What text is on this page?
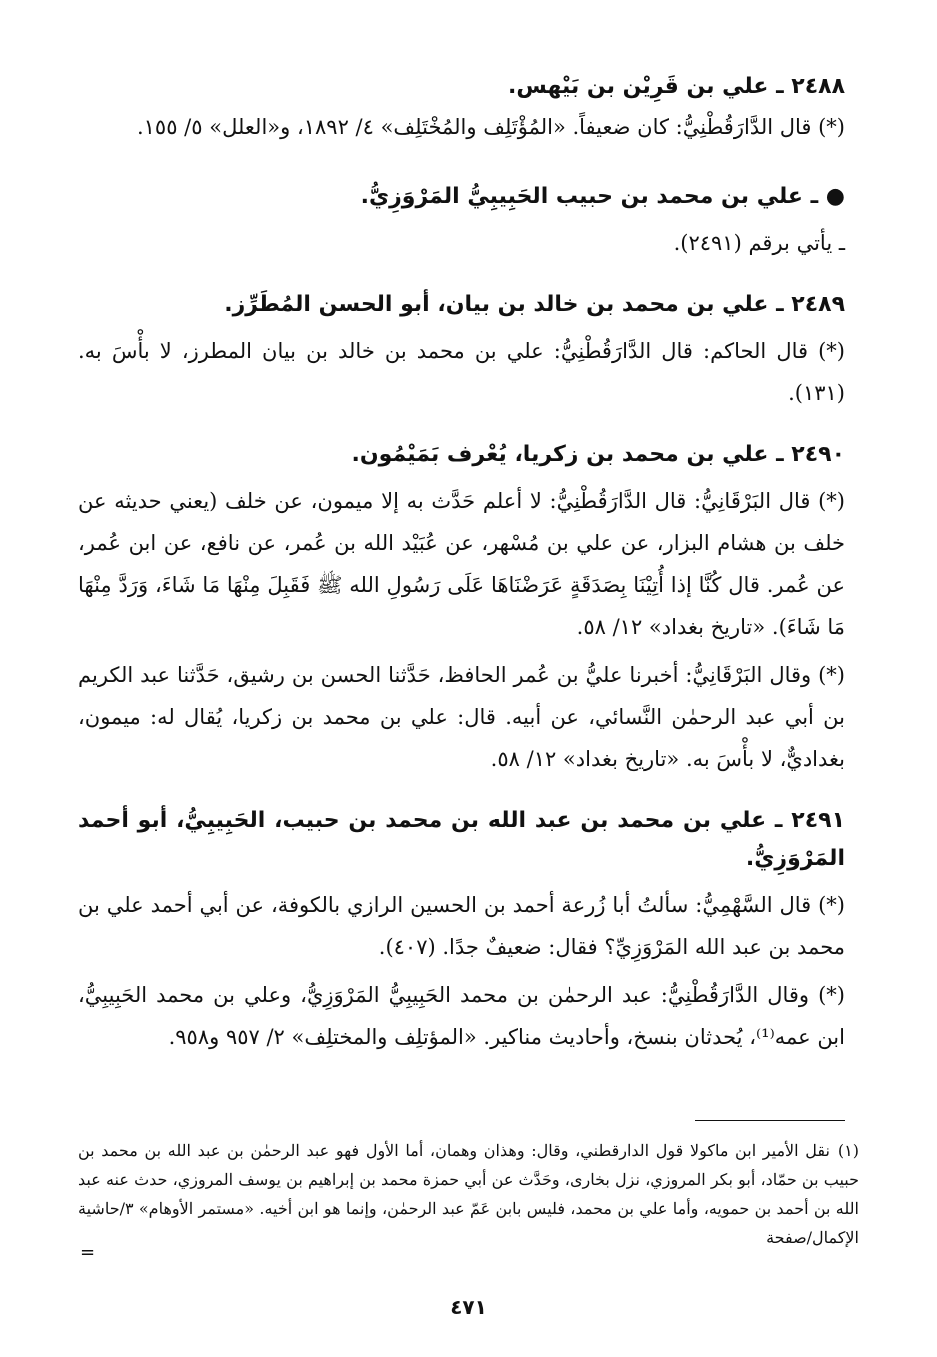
٢٤٨٨ ـ علي بن قَرِيْن بن بَيْهس.

(*) قال الدَّارَقُطْنِيُّ: كان ضعيفاً. «المُؤْتَلِف والمُخْتَلِف» ٤/ ١٨٩٢، و«العلل» ٥/ ١٥٥.

● ـ علي بن محمد بن حبيب الحَبِيبِيُّ المَرْوَزِيُّ.

ـ يأتي برقم (٢٤٩١).

٢٤٨٩ ـ علي بن محمد بن خالد بن بيان، أبو الحسن المُطَرِّز.

(*) قال الحاكم: قال الدَّارَقُطْنِيُّ: علي بن محمد بن خالد بن بيان المطرز، لا بأْسَ به. (١٣١).

٢٤٩٠ ـ علي بن محمد بن زكريا، يُعْرف بَمَيْمُون.

(*) قال البَرْقَانِيُّ: قال الدَّارَقُطْنِيُّ: لا أعلم حَدَّث به إلا ميمون، عن خلف (يعني حديثه عن خلف بن هشام البزار، عن علي بن مُسْهر، عن عُبَيْد الله بن عُمر، عن نافع، عن ابن عُمر، عن عُمر. قال كُنَّا إذا أُتِيْنَا بِصَدَقَةٍ عَرَضْنَاهَا عَلَى رَسُولِ الله ﷺ فَقَبِلَ مِنْهَا مَا شَاءَ، وَرَدَّ مِنْهَا مَا شَاءَ). «تاريخ بغداد» ١٢/ ٥٨.

(*) وقال البَرْقَانِيُّ: أخبرنا عليُّ بن عُمر الحافظ، حَدَّثنا الحسن بن رشيق، حَدَّثنا عبد الكريم بن أبي عبد الرحمٰن النَّسائي، عن أبيه. قال: علي بن محمد بن زكريا، يُقال له: ميمون، بغداديٌّ، لا بأْسَ به. «تاريخ بغداد» ١٢/ ٥٨.

٢٤٩١ ـ علي بن محمد بن عبد الله بن محمد بن حبيب، الحَبِيبِيُّ، أبو أحمد المَرْوَزِيُّ.

(*) قال السَّهْمِيُّ: سألتُ أبا زُرعة أحمد بن الحسين الرازي بالكوفة، عن أبي أحمد علي بن محمد بن عبد الله المَرْوَزِيِّ؟ فقال: ضعيفٌ جدًا. (٤٠٧).

(*) وقال الدَّارَقُطْنِيُّ: عبد الرحمٰن بن محمد الحَبِيبِيُّ المَرْوَزِيُّ، وعلي بن محمد الحَبِيبِيُّ، ابن عمه⁽¹⁾، يُحدثان بنسخ، وأحاديث مناكير. «المؤتلِف والمختلِف» ٢/ ٩٥٧ و٩٥٨.

(١)نقل الأمير ابن ماكولا قول الدارقطني، وقال: وهذان وهمان، أما الأول فهو عبد الرحمٰن بن عبد الله بن محمد بن حبيب بن حمّاد، أبو بكر المروزي، نزل بخارى، وحَدَّث عن أبي حمزة محمد بن إبراهيم بن يوسف المروزي، حدث عنه عبد الله بن أحمد بن حمويه، وأما علي بن محمد، فليس بابن عَمّ عبد الرحمٰن، وإنما هو ابن أخيه. «مستمر الأوهام» ٣/حاشية الإكمال/صفحة

=
٤٧١
